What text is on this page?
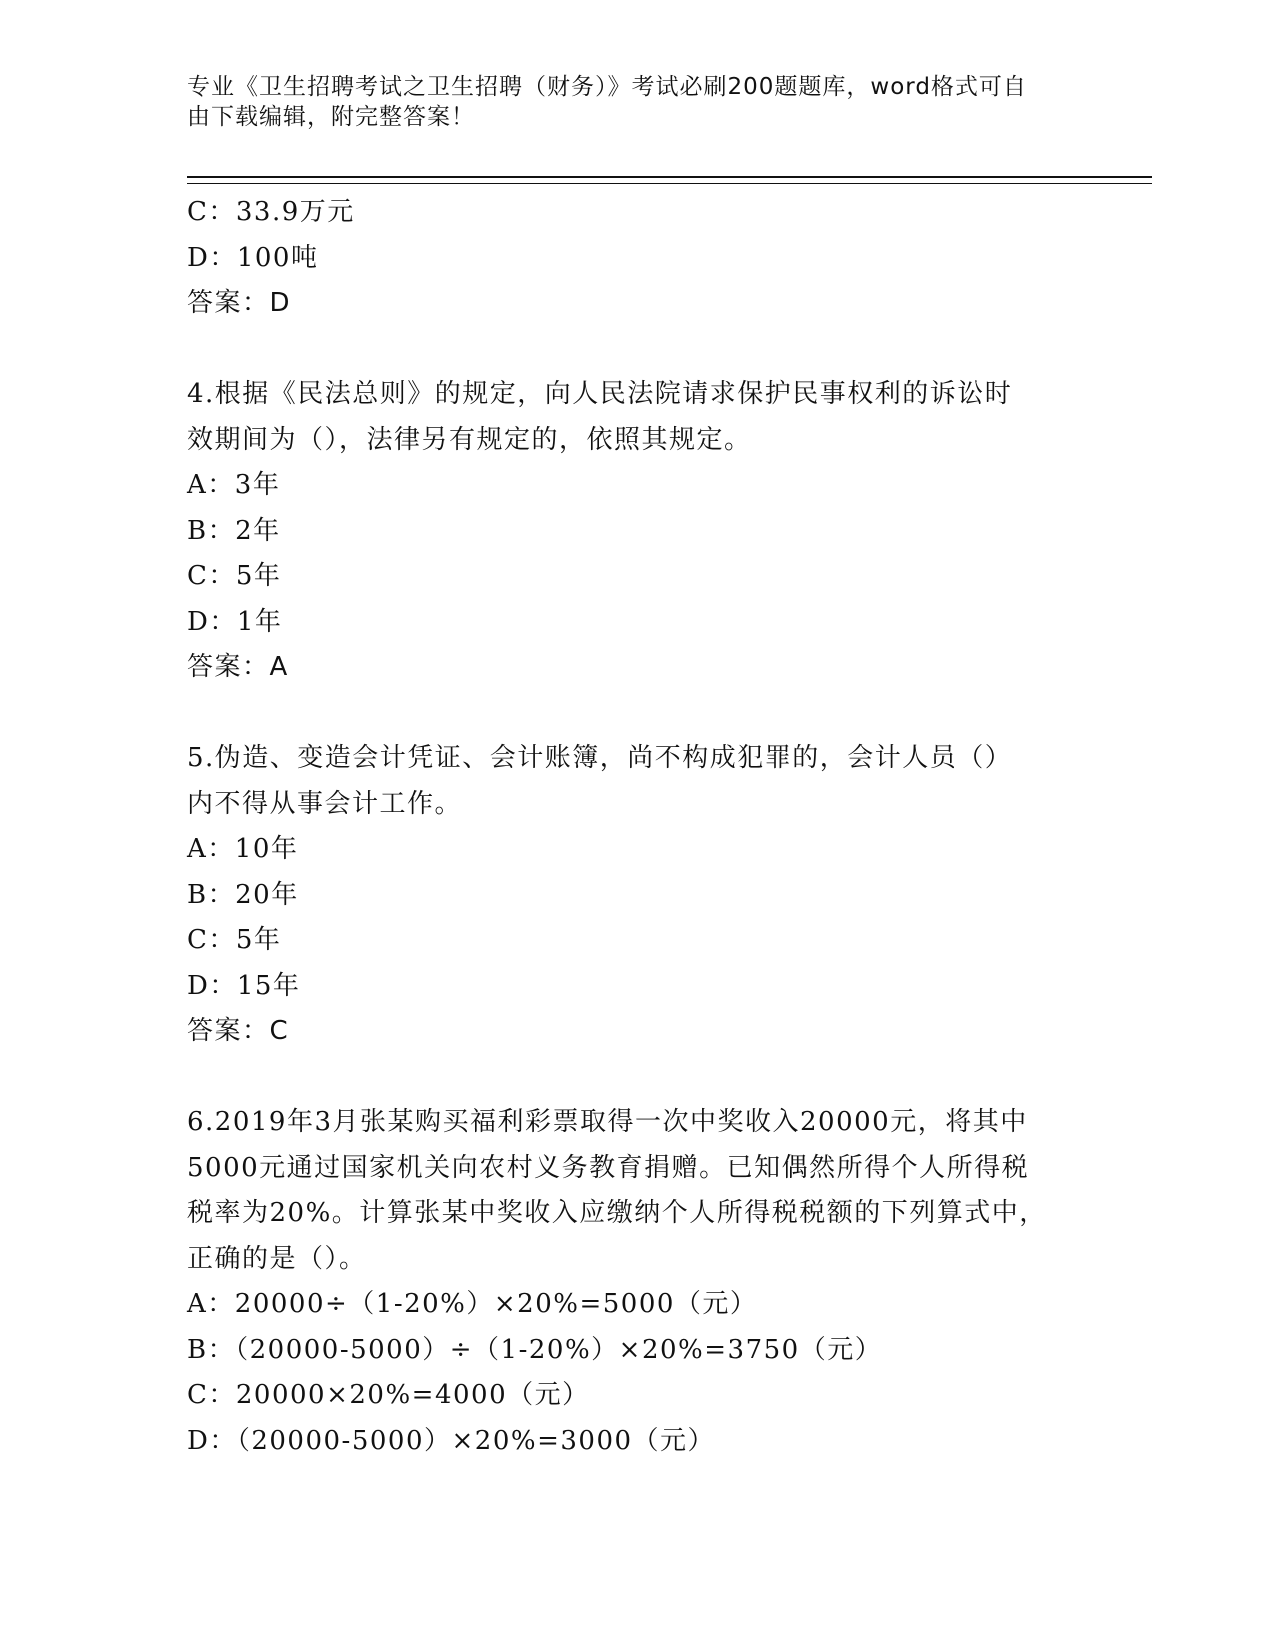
专业《卫生招聘考试之卫生招聘（财务）》考试必刷200题题库，word格式可自
由下载编辑，附完整答案！
C：33.9万元
D：100吨
答案：D
4.根据《民法总则》的规定，向人民法院请求保护民事权利的诉讼时
效期间为（），法律另有规定的，依照其规定。
A：3年
B：2年
C：5年
D：1年
答案：A
5.伪造、变造会计凭证、会计账簿，尚不构成犯罪的，会计人员（）
内不得从事会计工作。
A：10年
B：20年
C：5年
D：15年
答案：C
6.2019年3月张某购买福利彩票取得一次中奖收入20000元，将其中
5000元通过国家机关向农村义务教育捐赠。已知偶然所得个人所得税
税率为20%。计算张某中奖收入应缴纳个人所得税税额的下列算式中，
正确的是（）。
A：20000÷（1-20%）×20%=5000（元）
B：（20000-5000）÷（1-20%）×20%=3750（元）
C：20000×20%=4000（元）
D：（20000-5000）×20%=3000（元）
